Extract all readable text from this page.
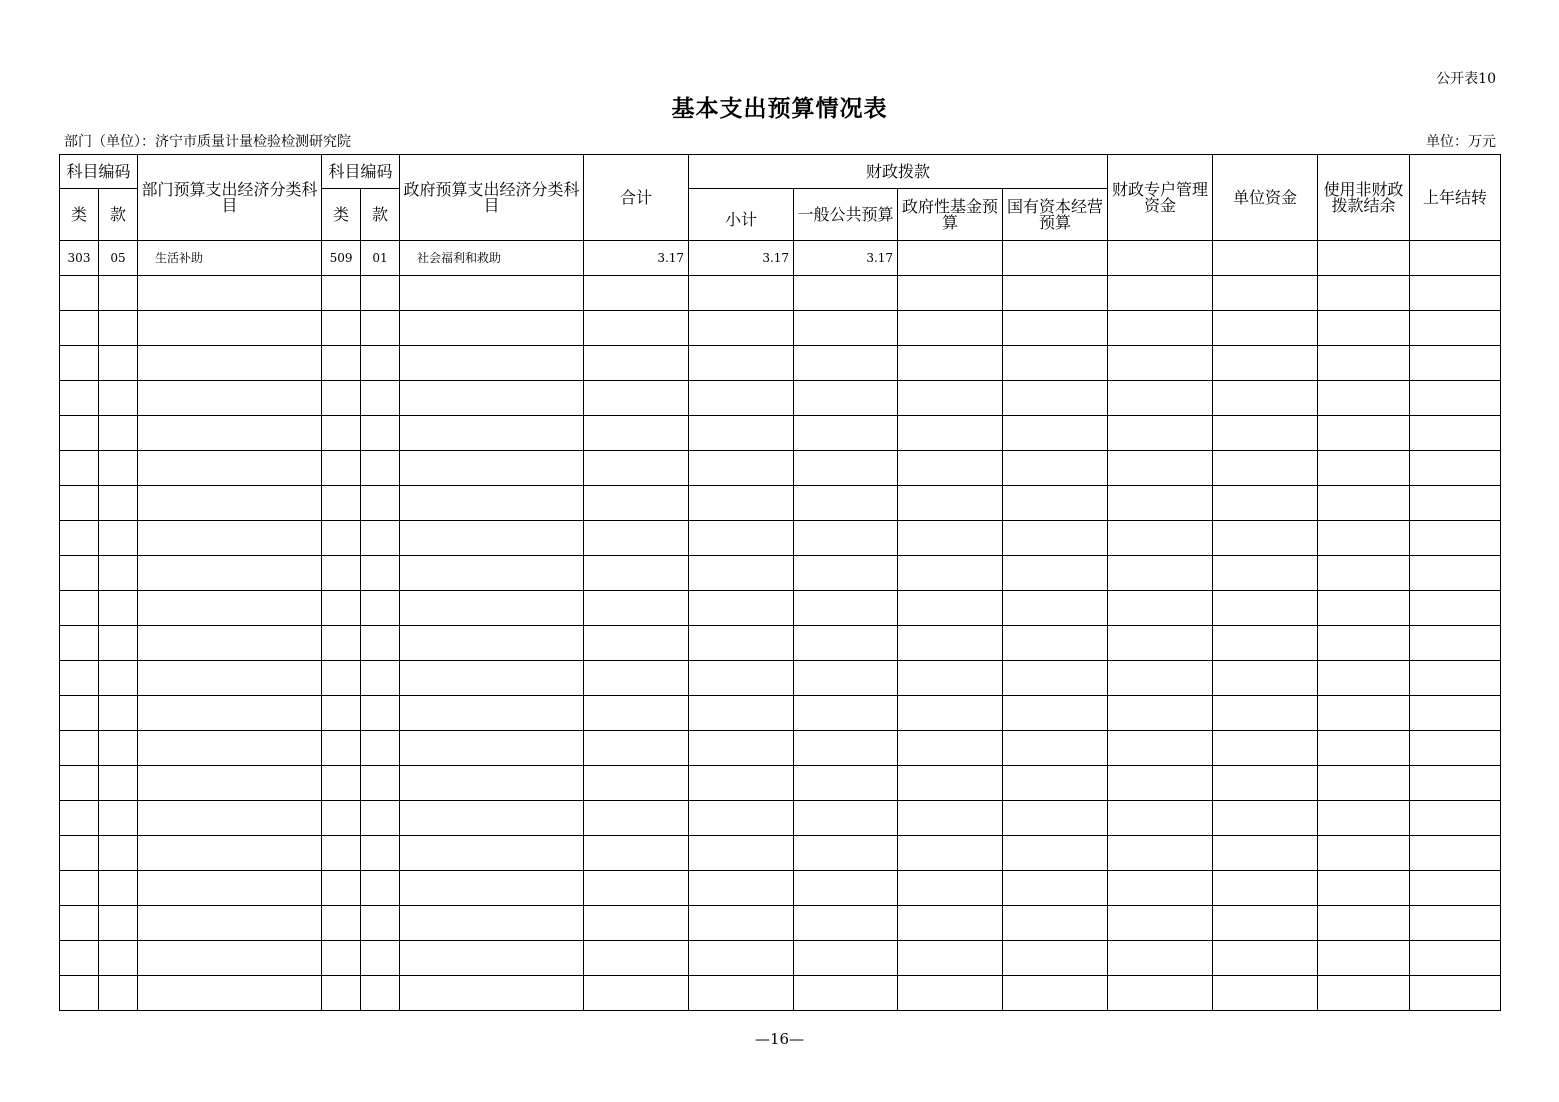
公开表10
基本支出预算情况表
部门（单位）：济宁市质量计量检验检测研究院	单位：万元
科目编码		部门预算支出经济分类科目	科目编码		政府预算支出经济分类科目	合计	财政拨款				财政专户管理资金	单位资金	使用非财政拨款结余	上年结转
类	款		类	款			小计	一般公共预算	政府性基金预算	国有资本经营预算				
303	05	生活补助	509	01	社会福利和救助	3.17	3.17	3.17						

—16—
